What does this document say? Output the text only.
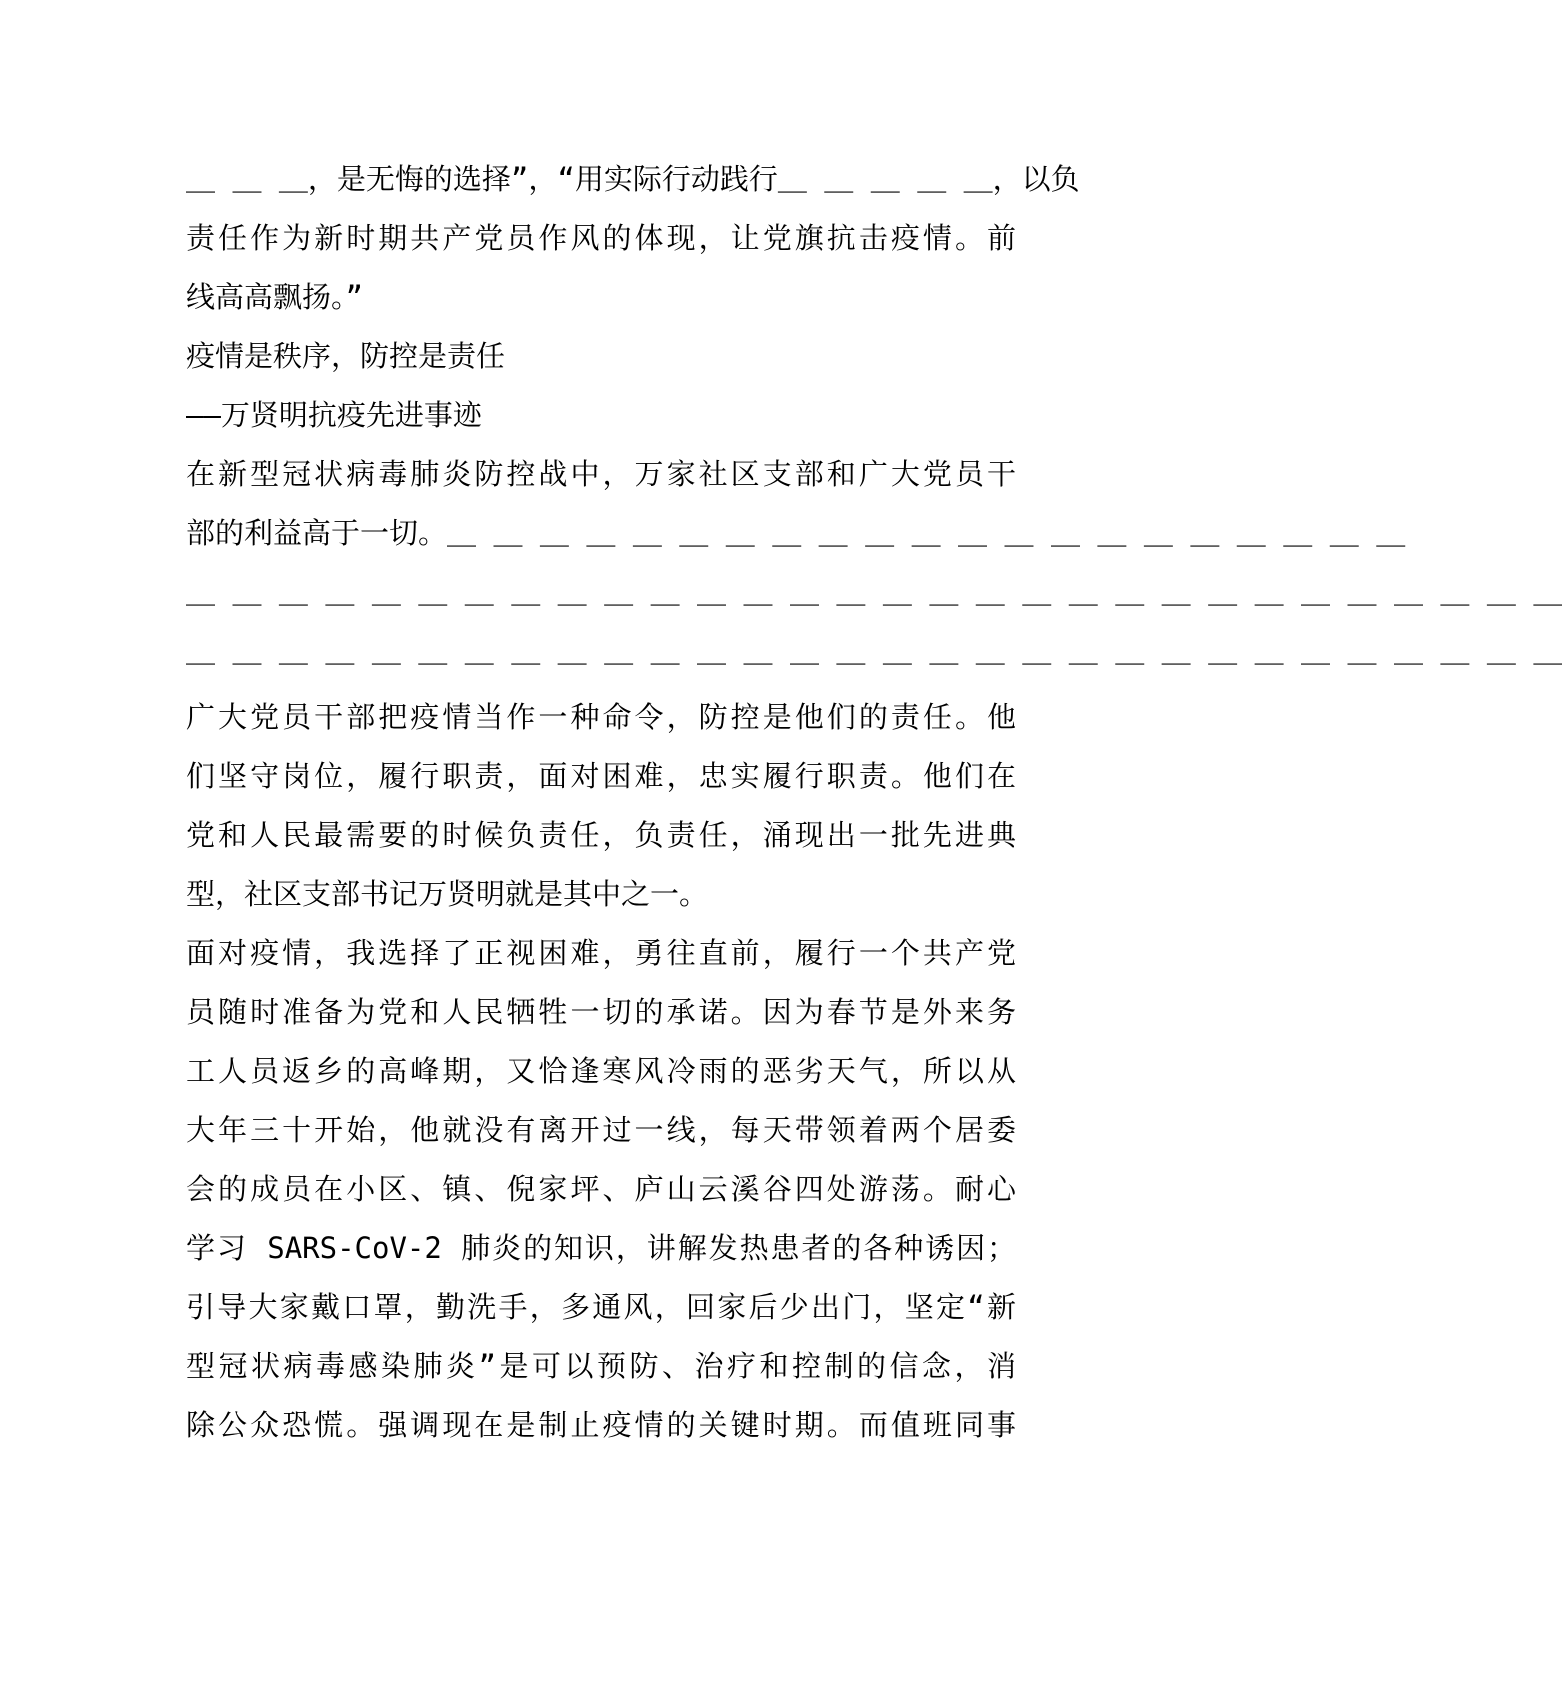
＿ ＿ ＿，是无悔的选择”，“用实际行动践行＿ ＿ ＿ ＿ ＿，以负
责任作为新时期共产党员作风的体现，让党旗抗击疫情。前
线高高飘扬。”
疫情是秩序，防控是责任
——万贤明抗疫先进事迹
在新型冠状病毒肺炎防控战中，万家社区支部和广大党员干
部的利益高于一切。＿ ＿ ＿ ＿ ＿ ＿ ＿ ＿ ＿ ＿ ＿ ＿ ＿ ＿ ＿ ＿ ＿ ＿ ＿ ＿ ＿
＿ ＿ ＿ ＿ ＿ ＿ ＿ ＿ ＿ ＿ ＿ ＿ ＿ ＿ ＿ ＿ ＿ ＿ ＿ ＿ ＿ ＿ ＿ ＿ ＿ ＿ ＿ ＿ ＿ ＿
＿ ＿ ＿ ＿ ＿ ＿ ＿ ＿ ＿ ＿ ＿ ＿ ＿ ＿ ＿ ＿ ＿ ＿ ＿ ＿ ＿ ＿ ＿ ＿ ＿ ＿ ＿ ＿ ＿ ＿
广大党员干部把疫情当作一种命令，防控是他们的责任。他
们坚守岗位，履行职责，面对困难，忠实履行职责。他们在
党和人民最需要的时候负责任，负责任，涌现出一批先进典
型，社区支部书记万贤明就是其中之一。
面对疫情，我选择了正视困难，勇往直前，履行一个共产党
员随时准备为党和人民牺牲一切的承诺。因为春节是外来务
工人员返乡的高峰期，又恰逢寒风冷雨的恶劣天气，所以从
大年三十开始，他就没有离开过一线，每天带领着两个居委
会的成员在小区、镇、倪家坪、庐山云溪谷四处游荡。耐心
学习 SARS-CoV-2 肺炎的知识，讲解发热患者的各种诱因；
引导大家戴口罩，勤洗手，多通风，回家后少出门，坚定“新
型冠状病毒感染肺炎”是可以预防、治疗和控制的信念，消
除公众恐慌。强调现在是制止疫情的关键时期。而值班同事
